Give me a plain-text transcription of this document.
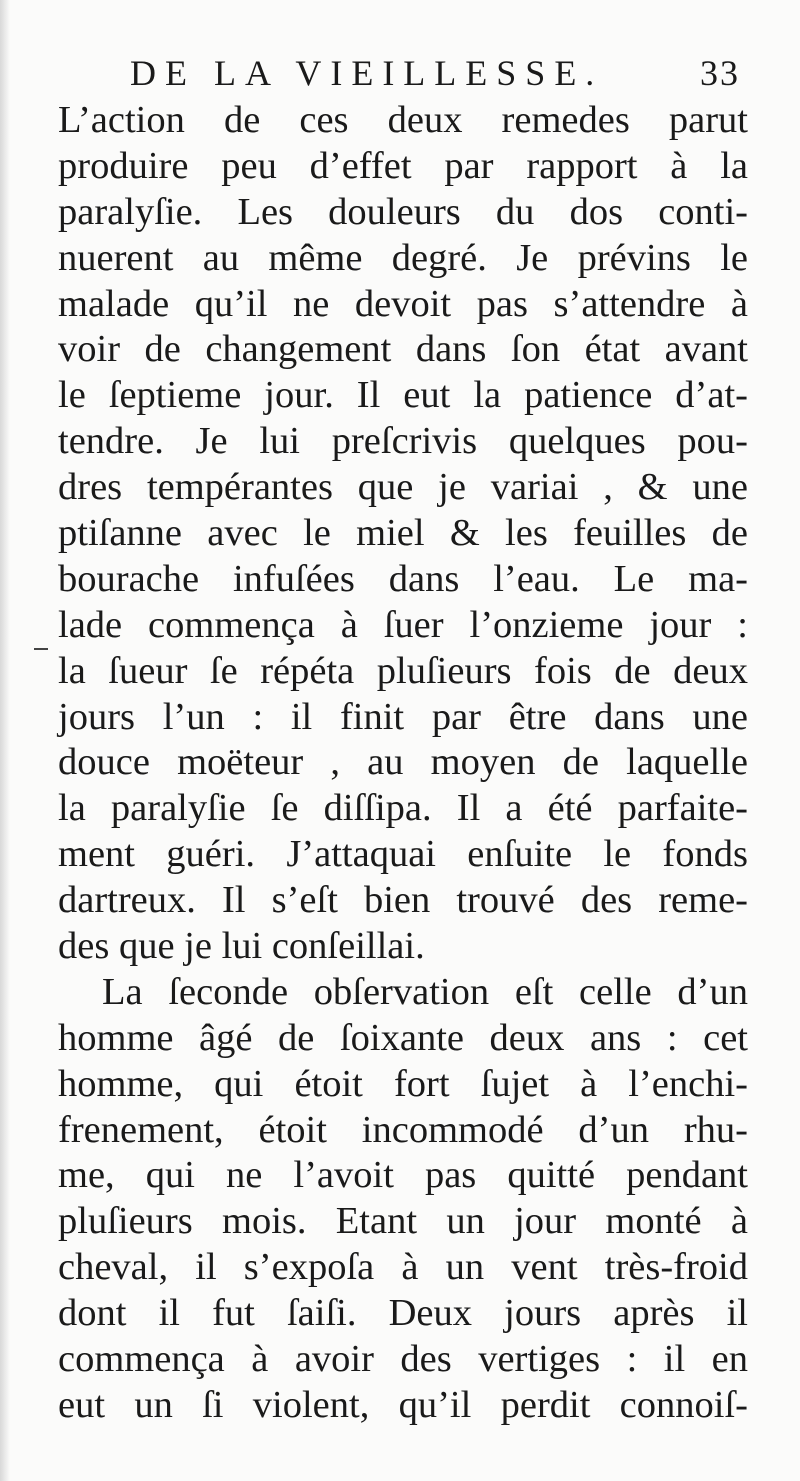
DE LA VIEILLESSE.	33
L’action de ces deux remedes parut
produire peu d’effet par rapport à la
paralyſie. Les douleurs du dos conti-
nuerent au même degré. Je prévins le
malade qu’il ne devoit pas s’attendre à
voir de changement dans ſon état avant
le ſeptieme jour. Il eut la patience d’at-
tendre. Je lui preſcrivis quelques pou-
dres tempérantes que je variai , & une
ptiſanne avec le miel & les feuilles de
bourache infuſées dans l’eau. Le ma-
lade commença à ſuer l’onzieme jour :
la ſueur ſe répéta pluſieurs fois de deux
jours l’un : il finit par être dans une
douce moëteur , au moyen de laquelle
la paralyſie ſe diſſipa. Il a été parfaite-
ment guéri. J’attaquai enſuite le fonds
dartreux. Il s’eſt bien trouvé des reme-
des que je lui conſeillai.
La ſeconde obſervation eſt celle d’un
homme âgé de ſoixante deux ans : cet
homme, qui étoit fort ſujet à l’enchi-
frenement, étoit incommodé d’un rhu-
me, qui ne l’avoit pas quitté pendant
pluſieurs mois. Etant un jour monté à
cheval, il s’expoſa à un vent très-froid
dont il fut ſaiſi. Deux jours après il
commença à avoir des vertiges : il en
eut un ſi violent, qu’il perdit connoiſ-
